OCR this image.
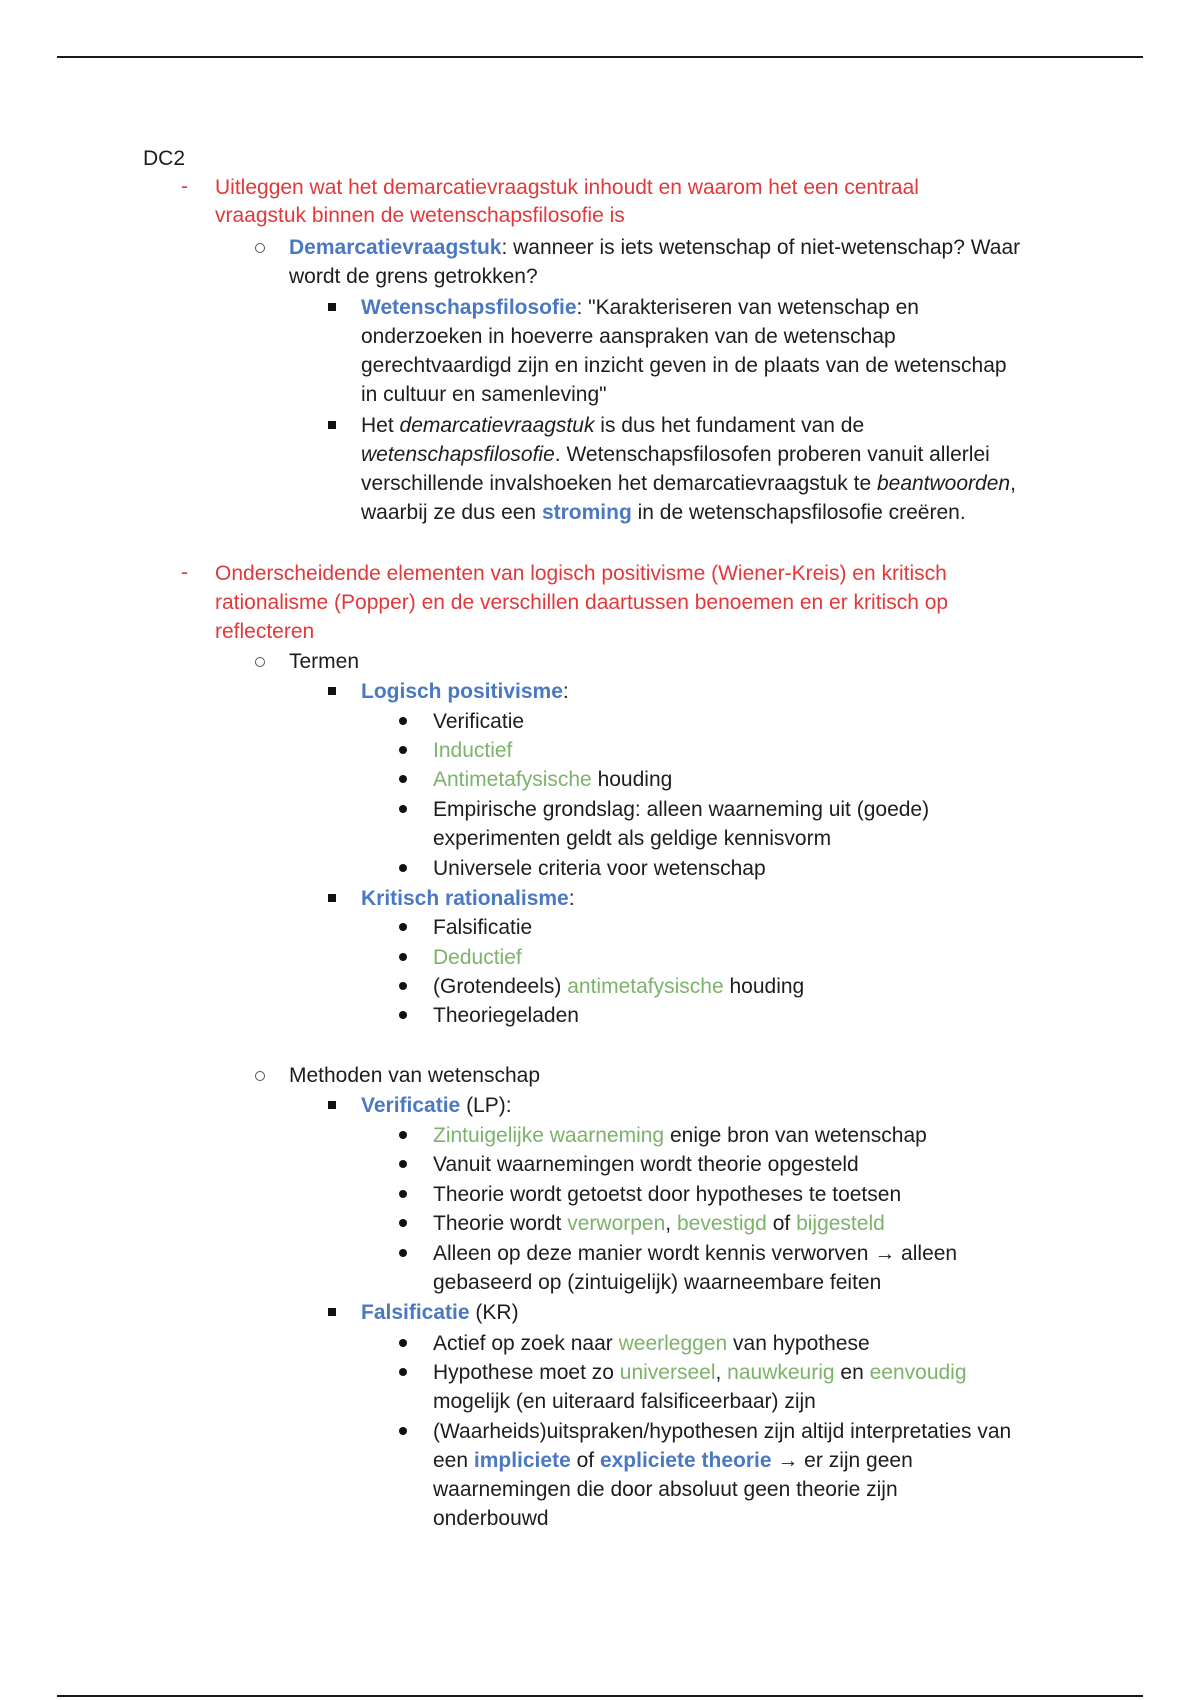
DC2
- Uitleggen wat het demarcatievraagstuk inhoudt en waarom het een centraal
vraagstuk binnen de wetenschapsfilosofie is
Demarcatievraagstuk: wanneer is iets wetenschap of niet-wetenschap? Waar
wordt de grens getrokken?
Wetenschapsfilosofie: "Karakteriseren van wetenschap en
onderzoeken in hoeverre aanspraken van de wetenschap
gerechtvaardigd zijn en inzicht geven in de plaats van de wetenschap
in cultuur en samenleving"
Het demarcatievraagstuk is dus het fundament van de
wetenschapsfilosofie. Wetenschapsfilosofen proberen vanuit allerlei
verschillende invalshoeken het demarcatievraagstuk te beantwoorden,
waarbij ze dus een stroming in de wetenschapsfilosofie creëren.
- Onderscheidende elementen van logisch positivisme (Wiener-Kreis) en kritisch
rationalisme (Popper) en de verschillen daartussen benoemen en er kritisch op
reflecteren
Termen
Logisch positivisme:
Verificatie
Inductief
Antimetafysische houding
Empirische grondslag: alleen waarneming uit (goede)
experimenten geldt als geldige kennisvorm
Universele criteria voor wetenschap
Kritisch rationalisme:
Falsificatie
Deductief
(Grotendeels) antimetafysische houding
Theoriegeladen
Methoden van wetenschap
Verificatie (LP):
Zintuigelijke waarneming enige bron van wetenschap
Vanuit waarnemingen wordt theorie opgesteld
Theorie wordt getoetst door hypotheses te toetsen
Theorie wordt verworpen, bevestigd of bijgesteld
Alleen op deze manier wordt kennis verworven → alleen
gebaseerd op (zintuigelijk) waarneembare feiten
Falsificatie (KR)
Actief op zoek naar weerleggen van hypothese
Hypothese moet zo universeel, nauwkeurig en eenvoudig
mogelijk (en uiteraard falsificeerbaar) zijn
(Waarheids)uitspraken/hypothesen zijn altijd interpretaties van
een impliciete of expliciete theorie → er zijn geen
waarnemingen die door absoluut geen theorie zijn
onderbouwd
